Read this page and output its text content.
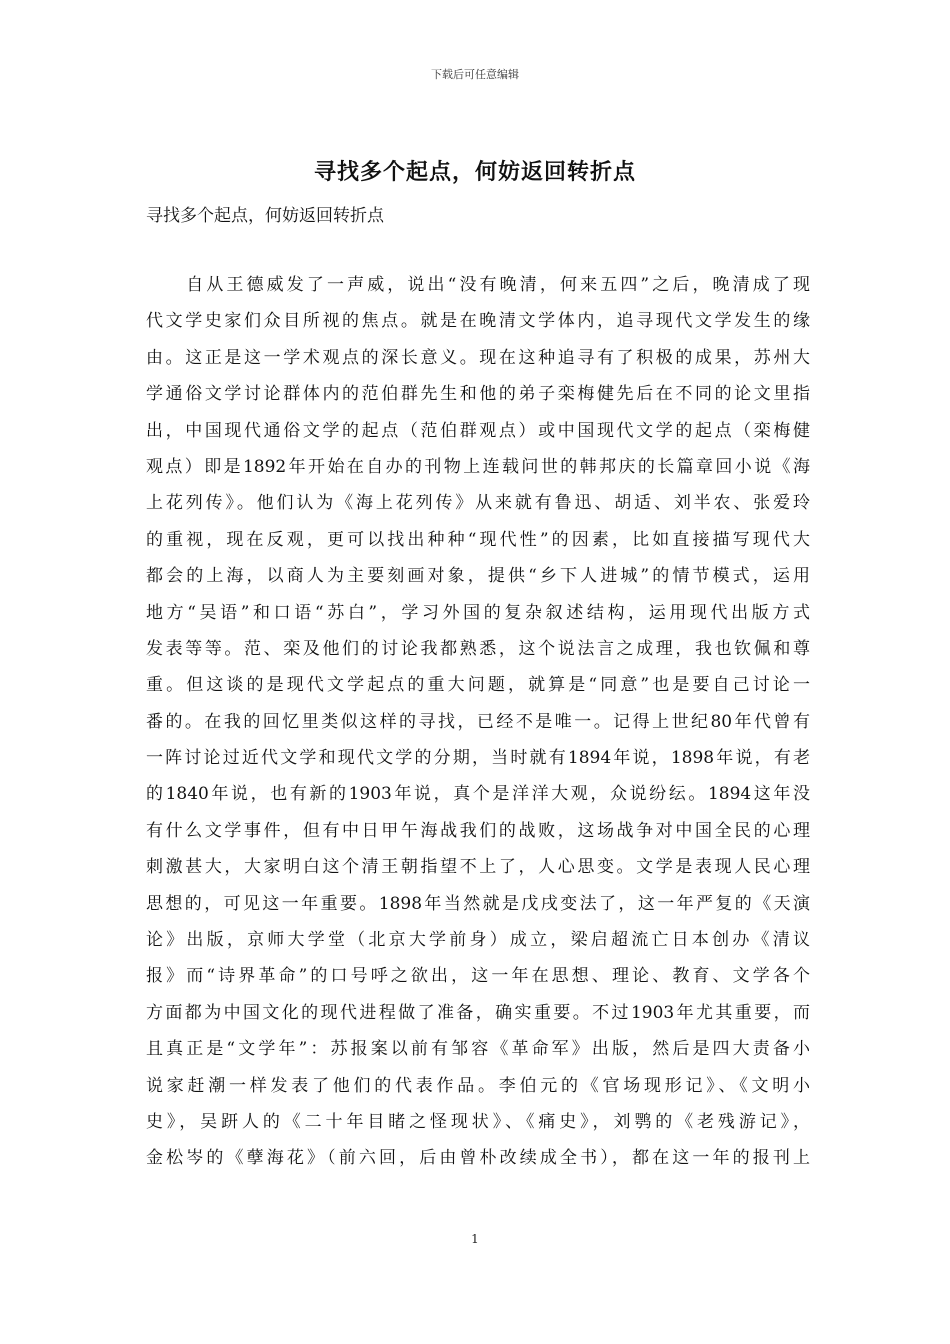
下载后可任意编辑
寻找多个起点，何妨返回转折点
寻找多个起点，何妨返回转折点
　　自从王德威发了一声威，说出“没有晚清，何来五四”之后，晚清成了现
代文学史家们众目所视的焦点。就是在晚清文学体内，追寻现代文学发生的缘
由。这正是这一学术观点的深长意义。现在这种追寻有了积极的成果，苏州大
学通俗文学讨论群体内的范伯群先生和他的弟子栾梅健先后在不同的论文里指
出，中国现代通俗文学的起点（范伯群观点）或中国现代文学的起点（栾梅健
观点）即是1892年开始在自办的刊物上连载问世的韩邦庆的长篇章回小说《海
上花列传》。他们认为《海上花列传》从来就有鲁迅、胡适、刘半农、张爱玲
的重视，现在反观，更可以找出种种“现代性”的因素，比如直接描写现代大
都会的上海，以商人为主要刻画对象，提供“乡下人进城”的情节模式，运用
地方“吴语”和口语“苏白”，学习外国的复杂叙述结构，运用现代出版方式
发表等等。范、栾及他们的讨论我都熟悉，这个说法言之成理，我也钦佩和尊
重。但这谈的是现代文学起点的重大问题，就算是“同意”也是要自己讨论一
番的。在我的回忆里类似这样的寻找，已经不是唯一。记得上世纪80年代曾有
一阵讨论过近代文学和现代文学的分期，当时就有1894年说，1898年说，有老
的1840年说，也有新的1903年说，真个是洋洋大观，众说纷纭。1894这年没
有什么文学事件，但有中日甲午海战我们的战败，这场战争对中国全民的心理
刺激甚大，大家明白这个清王朝指望不上了，人心思变。文学是表现人民心理
思想的，可见这一年重要。1898年当然就是戊戌变法了，这一年严复的《天演
论》出版，京师大学堂（北京大学前身）成立，梁启超流亡日本创办《清议
报》而“诗界革命”的口号呼之欲出，这一年在思想、理论、教育、文学各个
方面都为中国文化的现代进程做了准备，确实重要。不过1903年尤其重要，而
且真正是“文学年”：苏报案以前有邹容《革命军》出版，然后是四大责备小
说家赶潮一样发表了他们的代表作品。李伯元的《官场现形记》、《文明小
史》，吴趼人的《二十年目睹之怪现状》、《痛史》，刘鹗的《老残游记》，
金松岑的《孽海花》（前六回，后由曾朴改续成全书），都在这一年的报刊上
1
